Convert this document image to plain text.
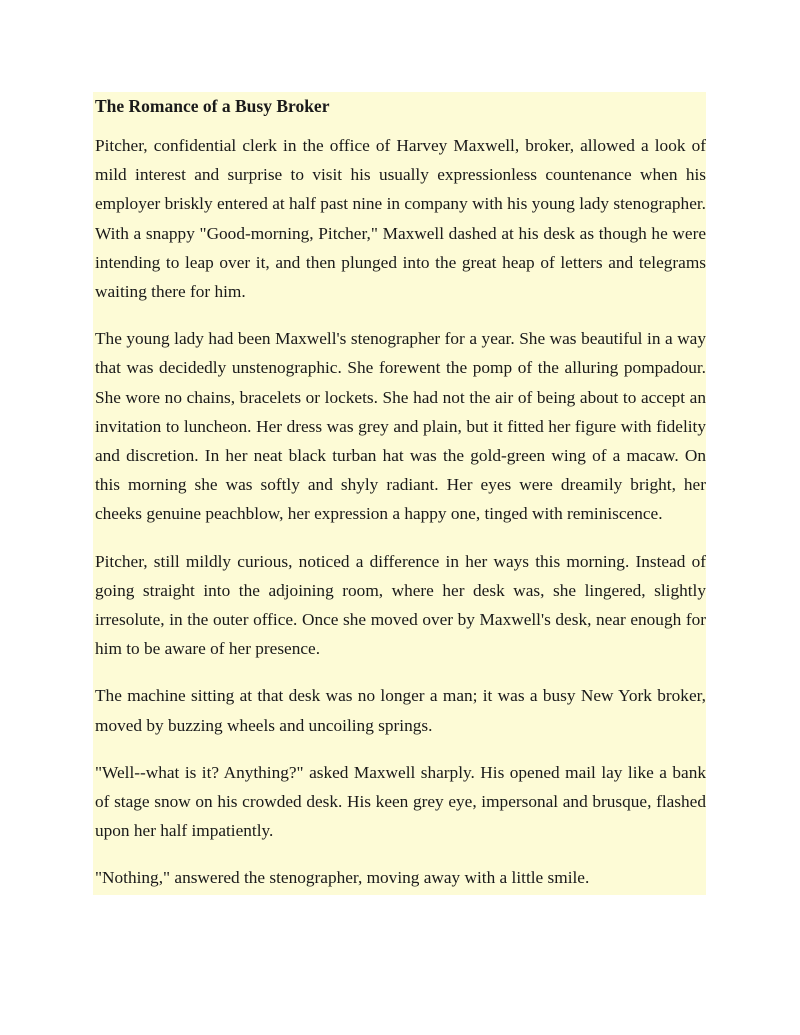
The Romance of a Busy Broker

Pitcher, confidential clerk in the office of Harvey Maxwell, broker, allowed a look of mild interest and surprise to visit his usually expressionless countenance when his employer briskly entered at half past nine in company with his young lady stenographer. With a snappy "Good-morning, Pitcher," Maxwell dashed at his desk as though he were intending to leap over it, and then plunged into the great heap of letters and telegrams waiting there for him.

The young lady had been Maxwell's stenographer for a year. She was beautiful in a way that was decidedly unstenographic. She forewent the pomp of the alluring pompadour. She wore no chains, bracelets or lockets. She had not the air of being about to accept an invitation to luncheon. Her dress was grey and plain, but it fitted her figure with fidelity and discretion. In her neat black turban hat was the gold-green wing of a macaw. On this morning she was softly and shyly radiant. Her eyes were dreamily bright, her cheeks genuine peachblow, her expression a happy one, tinged with reminiscence.

Pitcher, still mildly curious, noticed a difference in her ways this morning. Instead of going straight into the adjoining room, where her desk was, she lingered, slightly irresolute, in the outer office. Once she moved over by Maxwell's desk, near enough for him to be aware of her presence.

The machine sitting at that desk was no longer a man; it was a busy New York broker, moved by buzzing wheels and uncoiling springs.

"Well--what is it? Anything?" asked Maxwell sharply. His opened mail lay like a bank of stage snow on his crowded desk. His keen grey eye, impersonal and brusque, flashed upon her half impatiently.

"Nothing," answered the stenographer, moving away with a little smile.
